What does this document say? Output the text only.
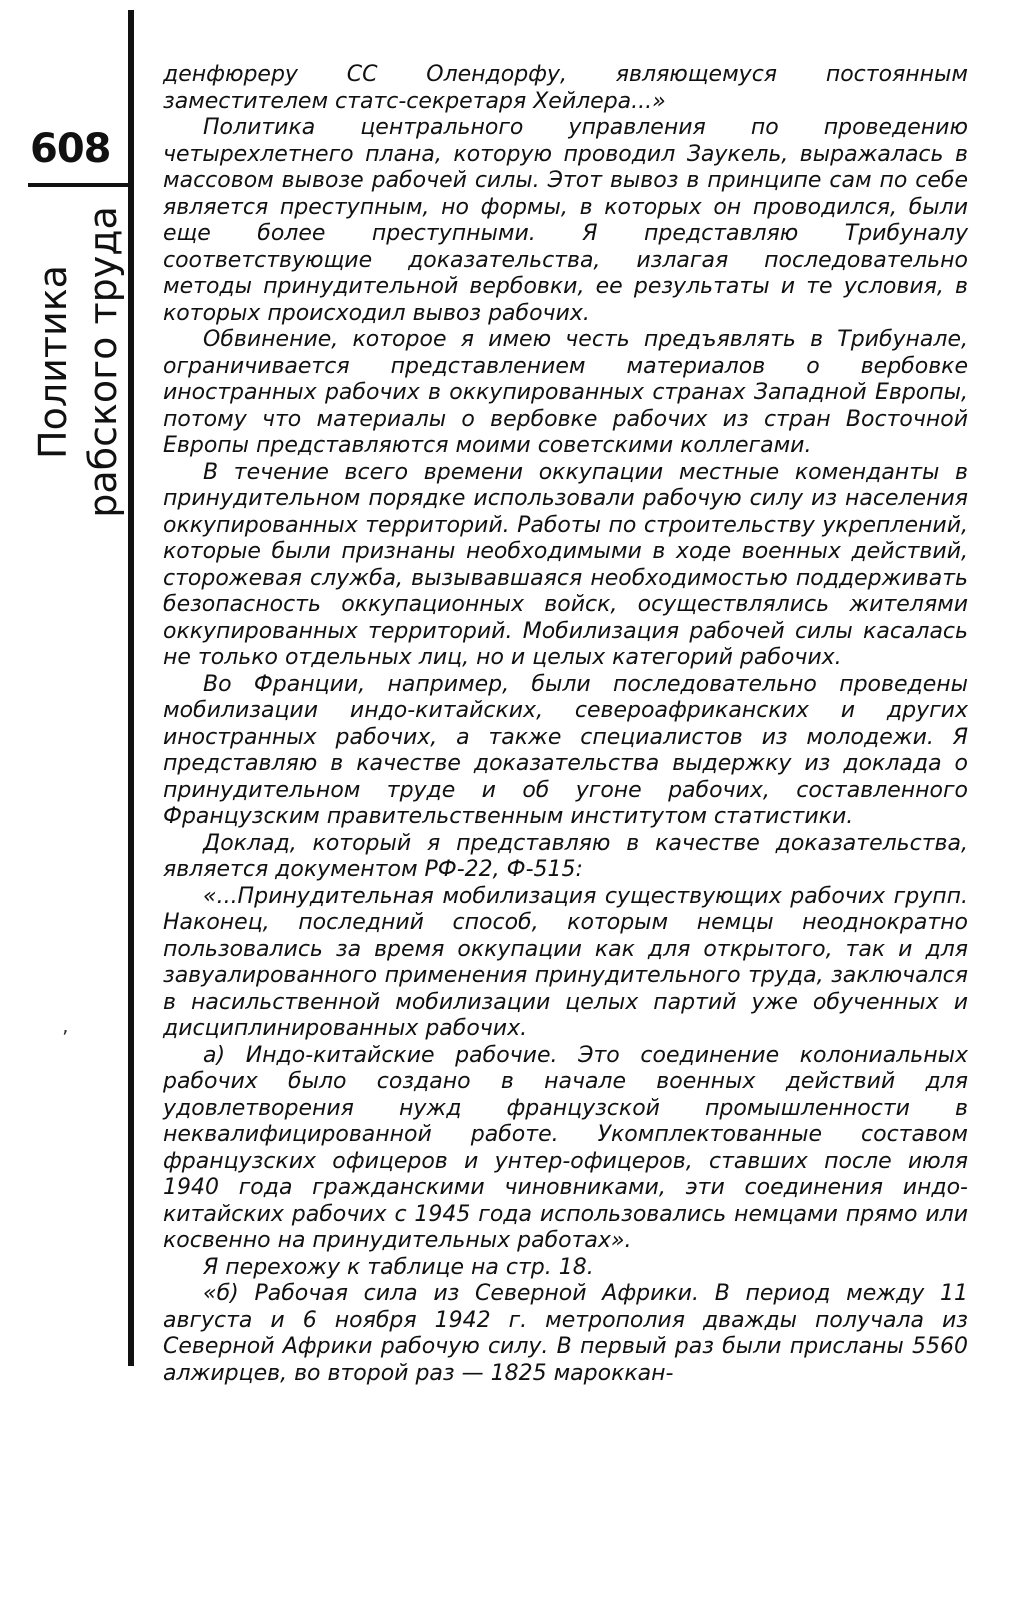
608
Политика рабского труда
’

денфюреру СС Олендорфу, являющемуся постоянным заместителем статс-секретаря Хейлера...»

Политика центрального управления по проведению четырехлетнего плана, которую проводил Заукель, выражалась в массовом вывозе рабочей силы. Этот вывоз в принципе сам по себе является преступным, но формы, в которых он проводился, были еще более преступными. Я представляю Трибуналу соответствующие доказательства, излагая последовательно методы принудительной вербовки, ее результаты и те условия, в которых происходил вывоз рабочих.

Обвинение, которое я имею честь предъявлять в Трибунале, ограничивается представлением материалов о вербовке иностранных рабочих в оккупированных странах Западной Европы, потому что материалы о вербовке рабочих из стран Восточной Европы представляются моими советскими коллегами.

В течение всего времени оккупации местные коменданты в принудительном порядке использовали рабочую силу из населения оккупированных территорий. Работы по строительству укреплений, которые были признаны необходимыми в ходе военных действий, сторожевая служба, вызывавшаяся необходимостью поддерживать безопасность оккупационных войск, осуществлялись жителями оккупированных территорий. Мобилизация рабочей силы касалась не только отдельных лиц, но и целых категорий рабочих.

Во Франции, например, были последовательно проведены мобилизации индо-китайских, североафриканских и других иностранных рабочих, а также специалистов из молодежи. Я представляю в качестве доказательства выдержку из доклада о принудительном труде и об угоне рабочих, составленного Французским правительственным институтом статистики.

Доклад, который я представляю в качестве доказательства, является документом РФ-22, Ф-515:

«...Принудительная мобилизация существующих рабочих групп. Наконец, последний способ, которым немцы неоднократно пользовались за время оккупации как для открытого, так и для завуалированного применения принудительного труда, заключался в насильственной мобилизации целых партий уже обученных и дисциплинированных рабочих.

а) Индо-китайские рабочие. Это соединение колониальных рабочих было создано в начале военных действий для удовлетворения нужд французской промышленности в неквалифицированной работе. Укомплектованные составом французских офицеров и унтер-офицеров, ставших после июля 1940 года гражданскими чиновниками, эти соединения индо-китайских рабочих с 1945 года использовались немцами прямо или косвенно на принудительных работах».

Я перехожу к таблице на стр. 18.

«б) Рабочая сила из Северной Африки. В период между 11 августа и 6 ноября 1942 г. метрополия дважды получала из Северной Африки рабочую силу. В первый раз были присланы 5560 алжирцев, во второй раз — 1825 мароккан-
